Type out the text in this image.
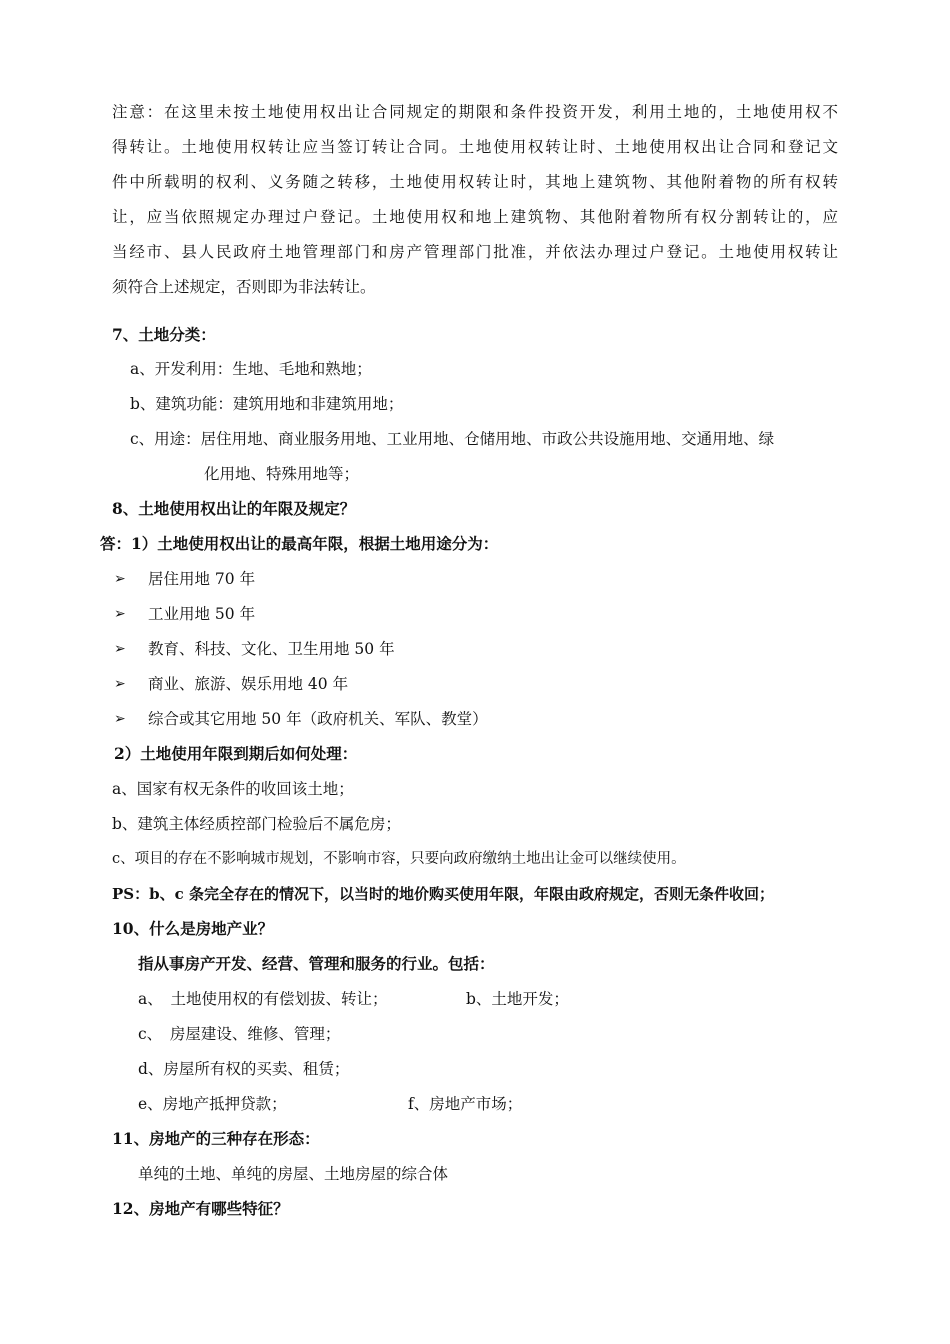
注意：在这里未按土地使用权出让合同规定的期限和条件投资开发，利用土地的，土地使用权不
得转让。土地使用权转让应当签订转让合同。土地使用权转让时、土地使用权出让合同和登记文
件中所载明的权利、义务随之转移，土地使用权转让时，其地上建筑物、其他附着物的所有权转
让，应当依照规定办理过户登记。土地使用权和地上建筑物、其他附着物所有权分割转让的，应
当经市、县人民政府土地管理部门和房产管理部门批准，并依法办理过户登记。土地使用权转让
须符合上述规定，否则即为非法转让。
7、土地分类：
a、开发利用：生地、毛地和熟地；
b、建筑功能：建筑用地和非建筑用地；
c、用途：居住用地、商业服务用地、工业用地、仓储用地、市政公共设施用地、交通用地、绿
化用地、特殊用地等；
8、土地使用权出让的年限及规定？
答：1）土地使用权出让的最高年限，根据土地用途分为：
➢ 居住用地 70 年
➢ 工业用地 50 年
➢ 教育、科技、文化、卫生用地 50 年
➢ 商业、旅游、娱乐用地 40 年
➢ 综合或其它用地 50 年（政府机关、军队、教堂）
2）土地使用年限到期后如何处理：
a、国家有权无条件的收回该土地；
b、建筑主体经质控部门检验后不属危房；
c、项目的存在不影响城市规划，不影响市容，只要向政府缴纳土地出让金可以继续使用。
PS：b、c 条完全存在的情况下，以当时的地价购买使用年限，年限由政府规定，否则无条件收回；
10、什么是房地产业？
指从事房产开发、经营、管理和服务的行业。包括：
a、　土地使用权的有偿划拔、转让；	b、土地开发；
c、　房屋建设、维修、管理；
d、房屋所有权的买卖、租赁；
e、房地产抵押贷款；	f、房地产市场；
11、房地产的三种存在形态：
单纯的土地、单纯的房屋、土地房屋的综合体
12、房地产有哪些特征？
